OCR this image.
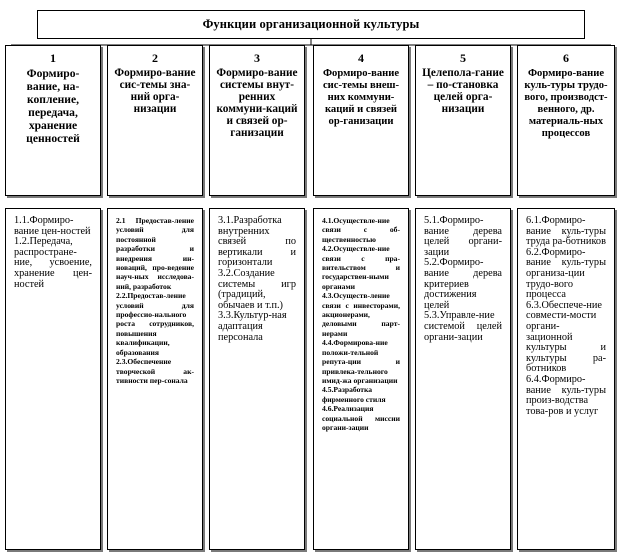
Функции организационной культуры
1
Формиро-вание, на-копление, передача, хранение ценностей
2
Формиро-вание сис-темы зна-ний орга-низации
3
Формиро-вание системы внут-ренних коммуни-каций и связей ор-ганизации
4
Формиро-вание сис-темы внеш-них коммуни-каций и связей ор-ганизации
5
Целепола-гание – по-становка целей орга-низации
6
Формиро-вание куль-туры трудо-вого, производст-венного, др. материаль-ных процессов
1.1.Формиро-вание цен-ностей
1.2.Передача, распростране-ние, усвоение, хранение цен-ностей
2.1 Предостав-ление условий для постоянной разработки и внедрения ин-новаций, про-ведение науч-ных исследова-ний, разработок
2.2.Предостав-ление условий для профессио-нального роста сотрудников, повышения квалификации, образования
2.3.Обеспечение творческой ак-тивности пер-сонала
3.1.Разработка внутренних связей по вертикали и горизонтали
3.2.Создание системы игр (традиций, обычаев и т.п.)
3.3.Культур-ная адаптация персонала
4.1.Осуществле-ние связи с об-щественностью
4.2.Осуществле-ние связи с пра-вительством и государствен-ными органами
4.3.Осуществ-ление связи с инвесторами, акционерами, деловыми парт-нерами
4.4.Формирова-ние положи-тельной репута-ции и привлека-тельного имид-жа организации
4.5.Разработка фирменного стиля
4.6.Реализация социальной миссии органи-зации
5.1.Формиро-вание дерева целей органи-зации
5.2.Формиро-вание дерева критериев достижения целей
5.3.Управле-ние системой целей органи-зации
6.1.Формиро-вание куль-туры труда ра-ботников
6.2.Формиро-вание куль-туры организа-ции трудо-вого процесса
6.3.Обеспече-ние совмести-мости органи-зационной культуры и культуры ра-ботников
6.4.Формиро-вание куль-туры произ-водства това-ров и услуг
